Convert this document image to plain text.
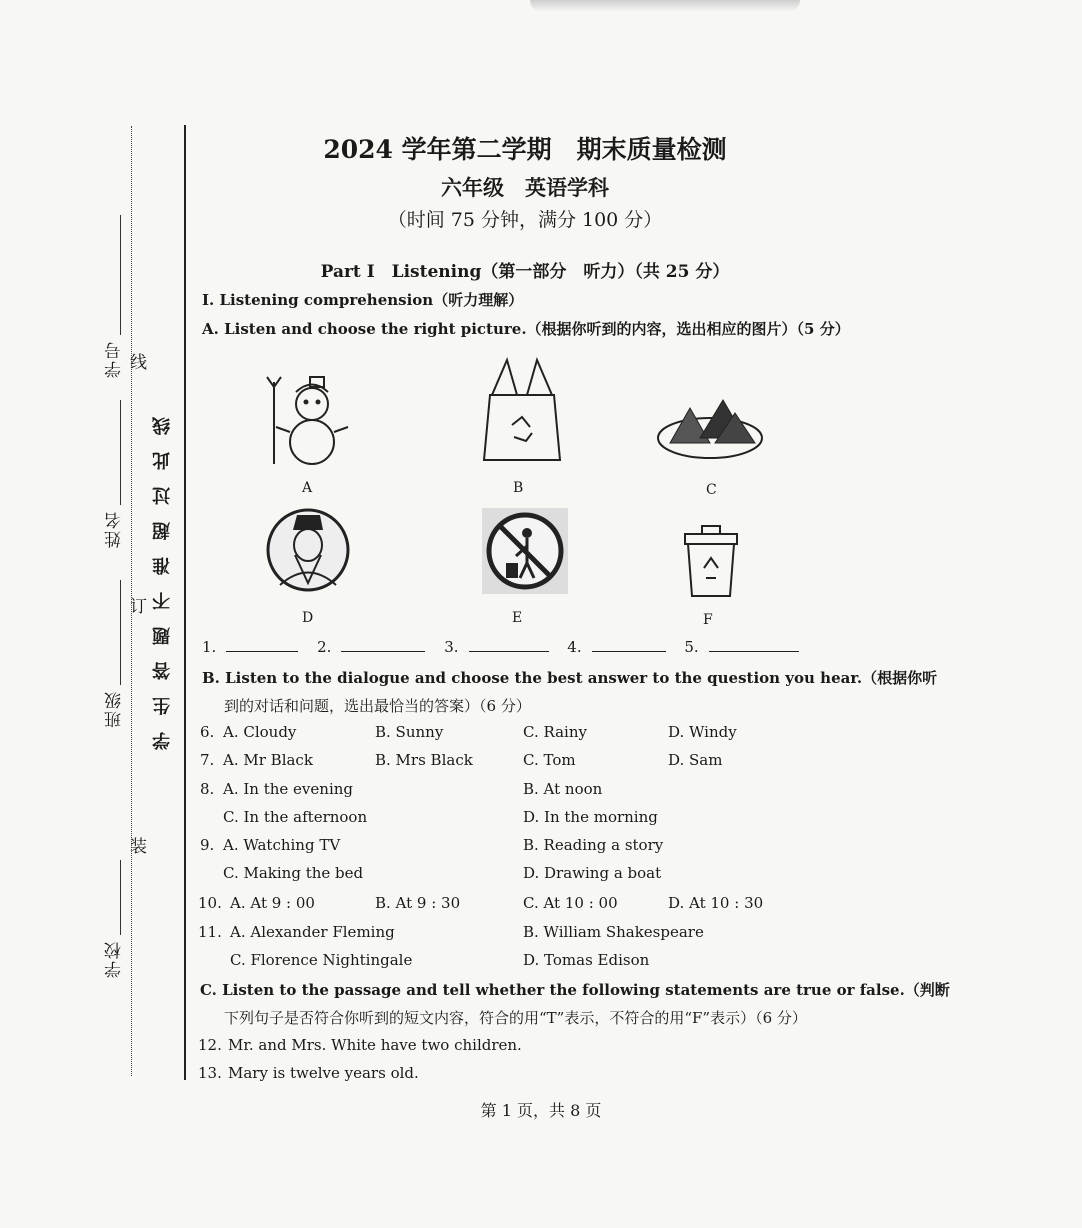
学号
姓名
班级
学校
线
订
装
学生答题不准超过此线
2024 学年第二学期　期末质量检测
六年级　英语学科
（时间 75 分钟，满分 100 分）
Part Ⅰ　Listening（第一部分　听力）（共 25 分）
I. Listening comprehension（听力理解）
A. Listen and choose the right picture.（根据你听到的内容，选出相应的图片）（5 分）
A	B	C
D	E	F
1.	2.	3.	4.	5.
B. Listen to the dialogue and choose the best answer to the question you hear.（根据你听
到的对话和问题，选出最恰当的答案）（6 分）
6. A. Cloudy	B. Sunny	C. Rainy	D. Windy
7. A. Mr Black	B. Mrs Black	C. Tom	D. Sam
8. A. In the evening	B. At noon
C. In the afternoon	D. In the morning
9. A. Watching TV	B. Reading a story
C. Making the bed	D. Drawing a boat
10. A. At 9 : 00	B. At 9 : 30	C. At 10 : 00	D. At 10 : 30
11. A. Alexander Fleming	B. William Shakespeare
C. Florence Nightingale	D. Tomas Edison
C. Listen to the passage and tell whether the following statements are true or false.（判断
下列句子是否符合你听到的短文内容，符合的用“T”表示，不符合的用“F”表示）（6 分）
12. Mr. and Mrs. White have two children.
13. Mary is twelve years old.
第 1 页，共 8 页
